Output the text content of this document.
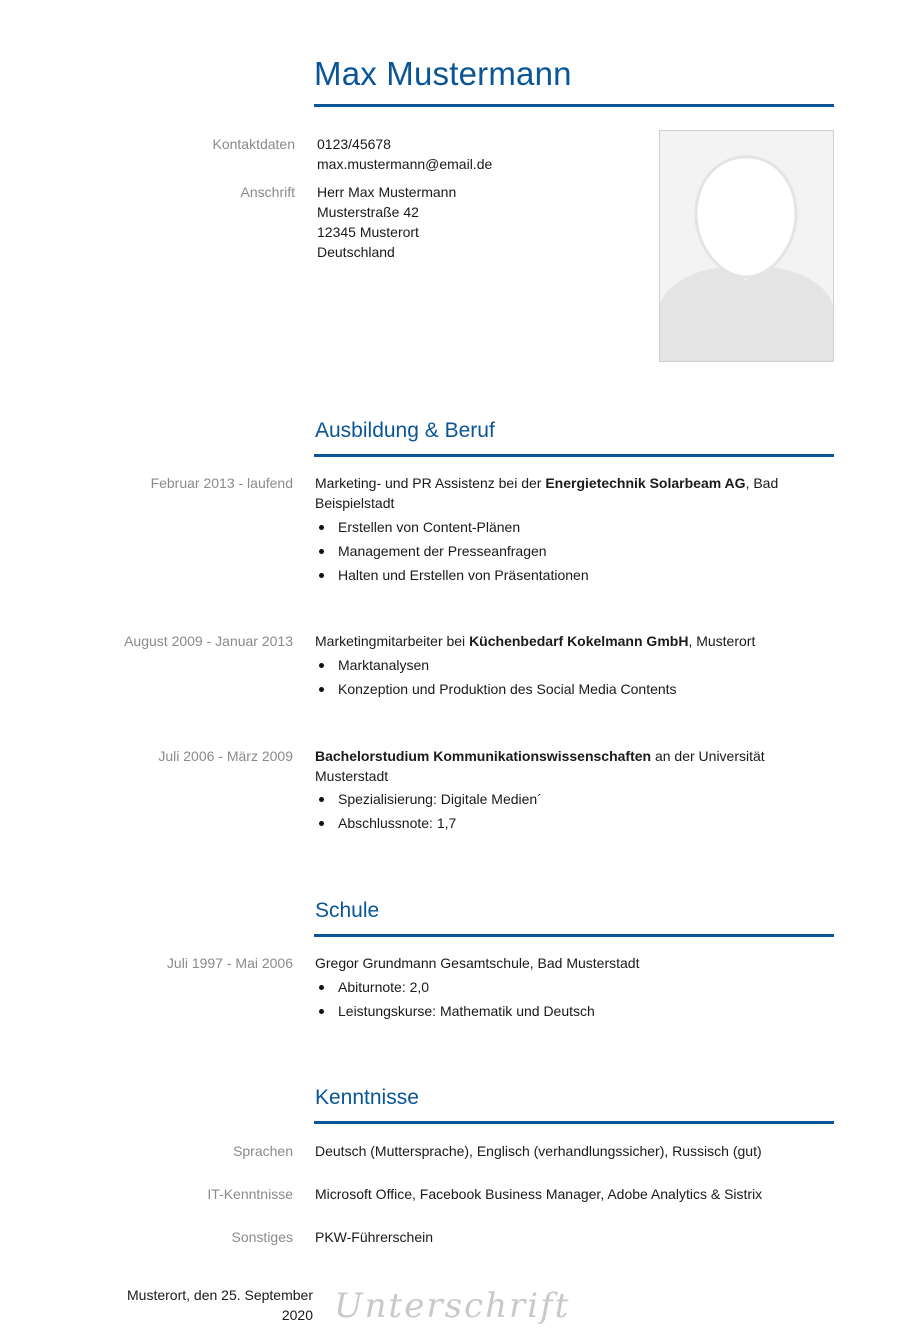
Max Mustermann
Kontaktdaten 0123/45678
max.mustermann@email.de
Anschrift Herr Max Mustermann
Musterstraße 42
12345 Musterort
Deutschland
Ausbildung & Beruf
Februar 2013 - laufend Marketing- und PR Assistenz bei der Energietechnik Solarbeam AG, Bad
Beispielstadt
Erstellen von Content-Plänen
Management der Presseanfragen
Halten und Erstellen von Präsentationen
August 2009 - Januar 2013 Marketingmitarbeiter bei Küchenbedarf Kokelmann GmbH, Musterort
Marktanalysen
Konzeption und Produktion des Social Media Contents
Juli 2006 - März 2009 Bachelorstudium Kommunikationswissenschaften an der Universität
Musterstadt
Spezialisierung: Digitale Medien´
Abschlussnote: 1,7
Schule
Juli 1997 - Mai 2006 Gregor Grundmann Gesamtschule, Bad Musterstadt
Abiturnote: 2,0
Leistungskurse: Mathematik und Deutsch
Kenntnisse
Sprachen Deutsch (Muttersprache), Englisch (verhandlungssicher), Russisch (gut)
IT-Kenntnisse Microsoft Office, Facebook Business Manager, Adobe Analytics & Sistrix
Sonstiges PKW-Führerschein
Musterort, den 25. September
2020 Unterschrift
